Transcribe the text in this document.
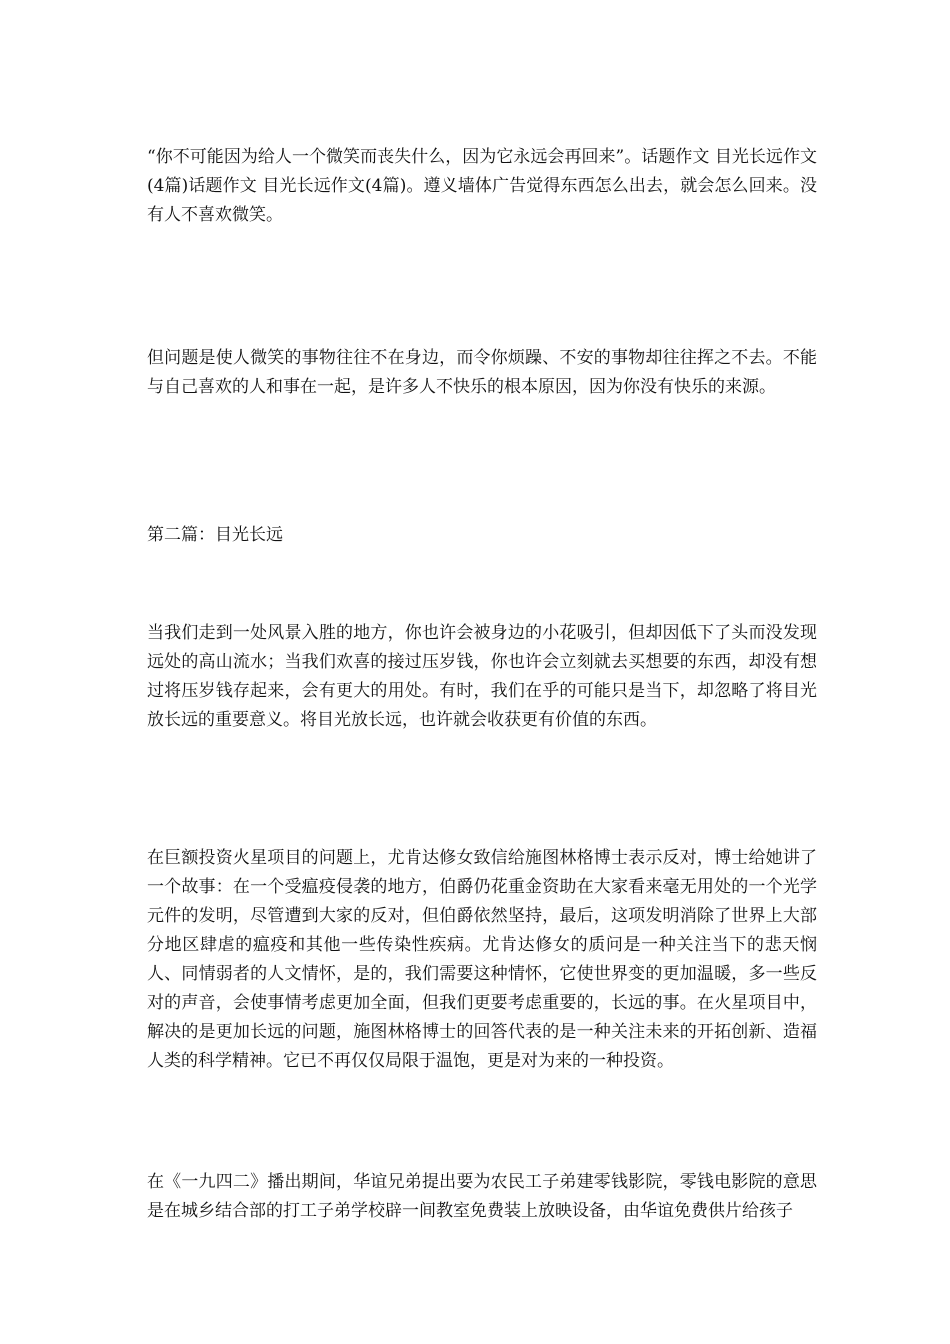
“你不可能因为给人一个微笑而丧失什么，因为它永远会再回来”。话题作文 目光长远作文(4篇)话题作文 目光长远作文(4篇)。遵义墙体广告觉得东西怎么出去，就会怎么回来。没有人不喜欢微笑。

但问题是使人微笑的事物往往不在身边，而令你烦躁、不安的事物却往往挥之不去。不能与自己喜欢的人和事在一起，是许多人不快乐的根本原因，因为你没有快乐的来源。

第二篇：目光长远

当我们走到一处风景入胜的地方，你也许会被身边的小花吸引，但却因低下了头而没发现远处的高山流水；当我们欢喜的接过压岁钱，你也许会立刻就去买想要的东西，却没有想过将压岁钱存起来，会有更大的用处。有时，我们在乎的可能只是当下，却忽略了将目光放长远的重要意义。将目光放长远，也许就会收获更有价值的东西。

在巨额投资火星项目的问题上，尤肯达修女致信给施图林格博士表示反对，博士给她讲了一个故事：在一个受瘟疫侵袭的地方，伯爵仍花重金资助在大家看来毫无用处的一个光学元件的发明，尽管遭到大家的反对，但伯爵依然坚持，最后，这项发明消除了世界上大部分地区肆虐的瘟疫和其他一些传染性疾病。尤肯达修女的质问是一种关注当下的悲天悯人、同情弱者的人文情怀，是的，我们需要这种情怀，它使世界变的更加温暖，多一些反对的声音，会使事情考虑更加全面，但我们更要考虑重要的，长远的事。在火星项目中，解决的是更加长远的问题，施图林格博士的回答代表的是一种关注未来的开拓创新、造福人类的科学精神。它已不再仅仅局限于温饱，更是对为来的一种投资。

在《一九四二》播出期间，华谊兄弟提出要为农民工子弟建零钱影院，零钱电影院的意思是在城乡结合部的打工子弟学校辟一间教室免费装上放映设备，由华谊免费供片给孩子
